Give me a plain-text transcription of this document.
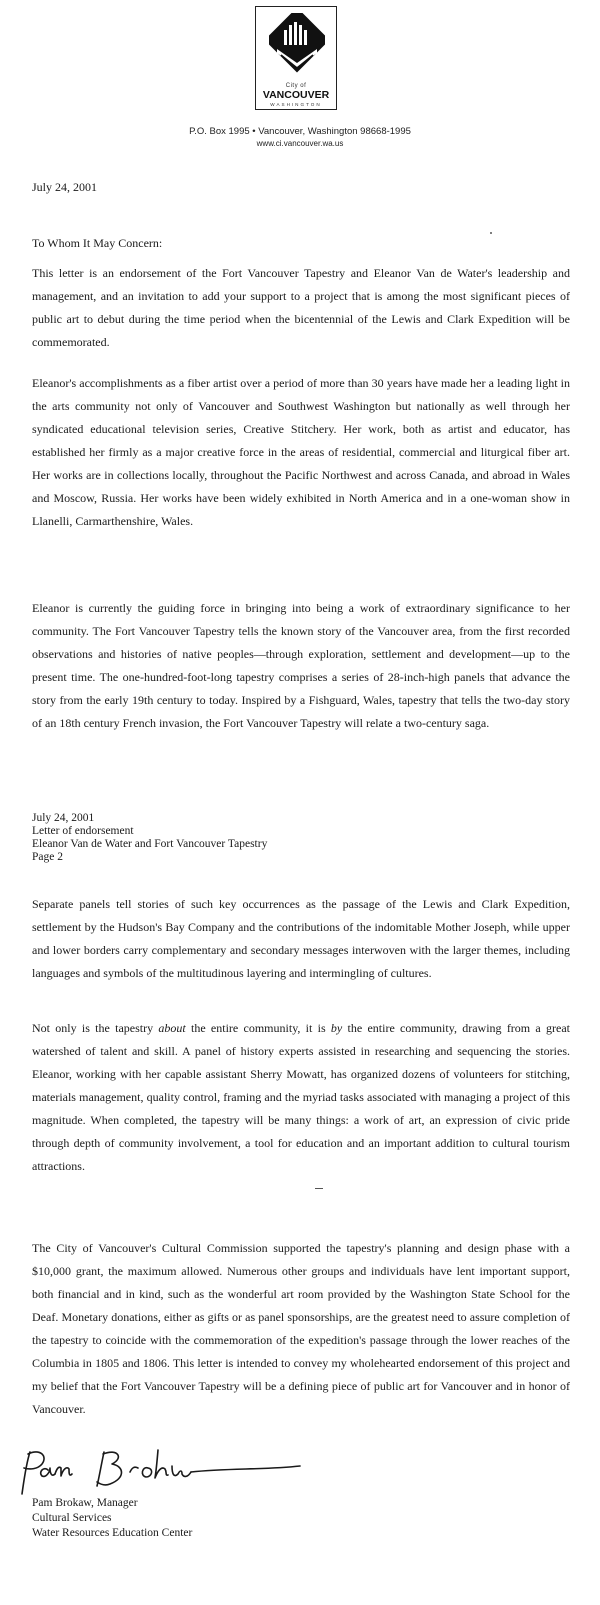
City of
VANCOUVER
WASHINGTON
P.O. Box 1995 • Vancouver, Washington 98668-1995
www.ci.vancouver.wa.us
July 24, 2001
To Whom It May Concern:

This letter is an endorsement of the Fort Vancouver Tapestry and Eleanor Van de Water's leadership and management, and an invitation to add your support to a project that is among the most significant pieces of public art to debut during the time period when the bicentennial of the Lewis and Clark Expedition will be commemorated.

Eleanor's accomplishments as a fiber artist over a period of more than 30 years have made her a leading light in the arts community not only of Vancouver and Southwest Washington but nationally as well through her syndicated educational television series, Creative Stitchery. Her work, both as artist and educator, has established her firmly as a major creative force in the areas of residential, commercial and liturgical fiber art. Her works are in collections locally, throughout the Pacific Northwest and across Canada, and abroad in Wales and Moscow, Russia. Her works have been widely exhibited in North America and in a one-woman show in Llanelli, Carmarthenshire, Wales.

Eleanor is currently the guiding force in bringing into being a work of extraordinary significance to her community. The Fort Vancouver Tapestry tells the known story of the Vancouver area, from the first recorded observations and histories of native peoples—through exploration, settlement and development—up to the present time. The one-hundred-foot-long tapestry comprises a series of 28-inch-high panels that advance the story from the early 19th century to today. Inspired by a Fishguard, Wales, tapestry that tells the two-day story of an 18th century French invasion, the Fort Vancouver Tapestry will relate a two-century saga.

July 24, 2001
Letter of endorsement
Eleanor Van de Water and Fort Vancouver Tapestry
Page 2

Separate panels tell stories of such key occurrences as the passage of the Lewis and Clark Expedition, settlement by the Hudson's Bay Company and the contributions of the indomitable Mother Joseph, while upper and lower borders carry complementary and secondary messages interwoven with the larger themes, including languages and symbols of the multitudinous layering and intermingling of cultures.

Not only is the tapestry about the entire community, it is by the entire community, drawing from a great watershed of talent and skill. A panel of history experts assisted in researching and sequencing the stories. Eleanor, working with her capable assistant Sherry Mowatt, has organized dozens of volunteers for stitching, materials management, quality control, framing and the myriad tasks associated with managing a project of this magnitude. When completed, the tapestry will be many things: a work of art, an expression of civic pride through depth of community involvement, a tool for education and an important addition to cultural tourism attractions.

The City of Vancouver's Cultural Commission supported the tapestry's planning and design phase with a $10,000 grant, the maximum allowed. Numerous other groups and individuals have lent important support, both financial and in kind, such as the wonderful art room provided by the Washington State School for the Deaf. Monetary donations, either as gifts or as panel sponsorships, are the greatest need to assure completion of the tapestry to coincide with the commemoration of the expedition's passage through the lower reaches of the Columbia in 1805 and 1806. This letter is intended to convey my wholehearted endorsement of this project and my belief that the Fort Vancouver Tapestry will be a defining piece of public art for Vancouver and in honor of Vancouver.

Pam Brokaw, Manager
Cultural Services
Water Resources Education Center
